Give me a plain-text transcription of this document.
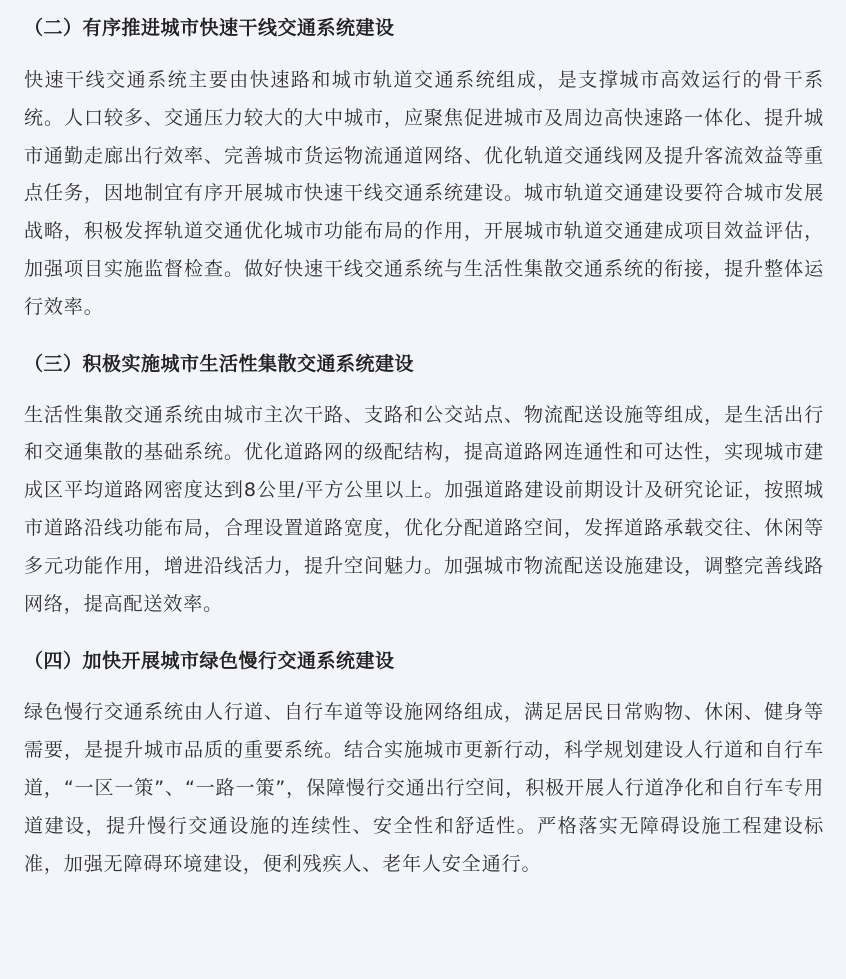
（二）有序推进城市快速干线交通系统建设

快速干线交通系统主要由快速路和城市轨道交通系统组成，是支撑城市高效运行的骨干系统。人口较多、交通压力较大的大中城市，应聚焦促进城市及周边高快速路一体化、提升城市通勤走廊出行效率、完善城市货运物流通道网络、优化轨道交通线网及提升客流效益等重点任务，因地制宜有序开展城市快速干线交通系统建设。城市轨道交通建设要符合城市发展战略，积极发挥轨道交通优化城市功能布局的作用，开展城市轨道交通建成项目效益评估，加强项目实施监督检查。做好快速干线交通系统与生活性集散交通系统的衔接，提升整体运行效率。

（三）积极实施城市生活性集散交通系统建设

生活性集散交通系统由城市主次干路、支路和公交站点、物流配送设施等组成，是生活出行和交通集散的基础系统。优化道路网的级配结构，提高道路网连通性和可达性，实现城市建成区平均道路网密度达到8公里/平方公里以上。加强道路建设前期设计及研究论证，按照城市道路沿线功能布局，合理设置道路宽度，优化分配道路空间，发挥道路承载交往、休闲等多元功能作用，增进沿线活力，提升空间魅力。加强城市物流配送设施建设，调整完善线路网络，提高配送效率。

（四）加快开展城市绿色慢行交通系统建设

绿色慢行交通系统由人行道、自行车道等设施网络组成，满足居民日常购物、休闲、健身等需要，是提升城市品质的重要系统。结合实施城市更新行动，科学规划建设人行道和自行车道，“一区一策”、“一路一策”，保障慢行交通出行空间，积极开展人行道净化和自行车专用道建设，提升慢行交通设施的连续性、安全性和舒适性。严格落实无障碍设施工程建设标准，加强无障碍环境建设，便利残疾人、老年人安全通行。
